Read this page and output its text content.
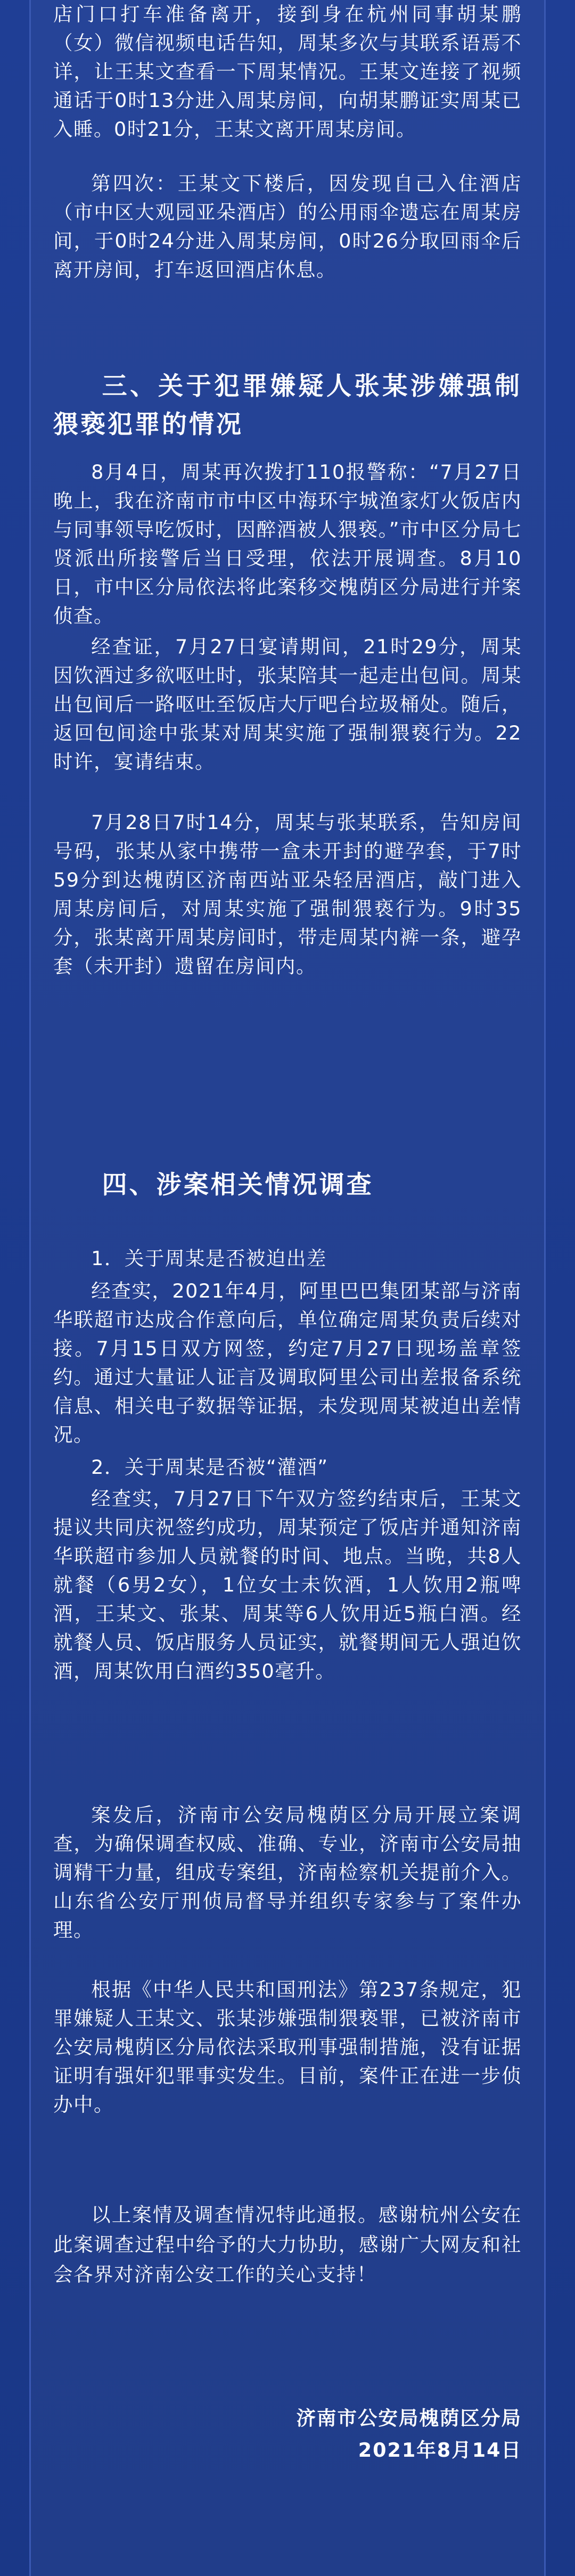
店门口打车准备离开，接到身在杭州同事胡某鹏（女）微信视频电话告知，周某多次与其联系语焉不详，让王某文查看一下周某情况。王某文连接了视频通话于0时13分进入周某房间，向胡某鹏证实周某已入睡。0时21分，王某文离开周某房间。

第四次：王某文下楼后，因发现自己入住酒店（市中区大观园亚朵酒店）的公用雨伞遗忘在周某房间，于0时24分进入周某房间，0时26分取回雨伞后离开房间，打车返回酒店休息。

三、关于犯罪嫌疑人张某涉嫌强制猥亵犯罪的情况

8月4日，周某再次拨打110报警称：“7月27日晚上，我在济南市市中区中海环宇城渔家灯火饭店内与同事领导吃饭时，因醉酒被人猥亵。”市中区分局七贤派出所接警后当日受理，依法开展调查。8月10日，市中区分局依法将此案移交槐荫区分局进行并案侦查。

经查证，7月27日宴请期间，21时29分，周某因饮酒过多欲呕吐时，张某陪其一起走出包间。周某出包间后一路呕吐至饭店大厅吧台垃圾桶处。随后，返回包间途中张某对周某实施了强制猥亵行为。22时许，宴请结束。

7月28日7时14分，周某与张某联系，告知房间号码，张某从家中携带一盒未开封的避孕套，于7时59分到达槐荫区济南西站亚朵轻居酒店，敲门进入周某房间后，对周某实施了强制猥亵行为。9时35分，张某离开周某房间时，带走周某内裤一条，避孕套（未开封）遗留在房间内。

四、涉案相关情况调查

1．关于周某是否被迫出差

经查实，2021年4月，阿里巴巴集团某部与济南华联超市达成合作意向后，单位确定周某负责后续对接。7月15日双方网签，约定7月27日现场盖章签约。通过大量证人证言及调取阿里公司出差报备系统信息、相关电子数据等证据，未发现周某被迫出差情况。

2．关于周某是否被“灌酒”

经查实，7月27日下午双方签约结束后，王某文提议共同庆祝签约成功，周某预定了饭店并通知济南华联超市参加人员就餐的时间、地点。当晚，共8人就餐（6男2女），1位女士未饮酒，1人饮用2瓶啤酒，王某文、张某、周某等6人饮用近5瓶白酒。经就餐人员、饭店服务人员证实，就餐期间无人强迫饮酒，周某饮用白酒约350毫升。

案发后，济南市公安局槐荫区分局开展立案调查，为确保调查权威、准确、专业，济南市公安局抽调精干力量，组成专案组，济南检察机关提前介入。山东省公安厅刑侦局督导并组织专家参与了案件办理。

根据《中华人民共和国刑法》第237条规定，犯罪嫌疑人王某文、张某涉嫌强制猥亵罪，已被济南市公安局槐荫区分局依法采取刑事强制措施，没有证据证明有强奸犯罪事实发生。目前，案件正在进一步侦办中。

以上案情及调查情况特此通报。感谢杭州公安在此案调查过程中给予的大力协助，感谢广大网友和社会各界对济南公安工作的关心支持！

济南市公安局槐荫区分局

2021年8月14日
